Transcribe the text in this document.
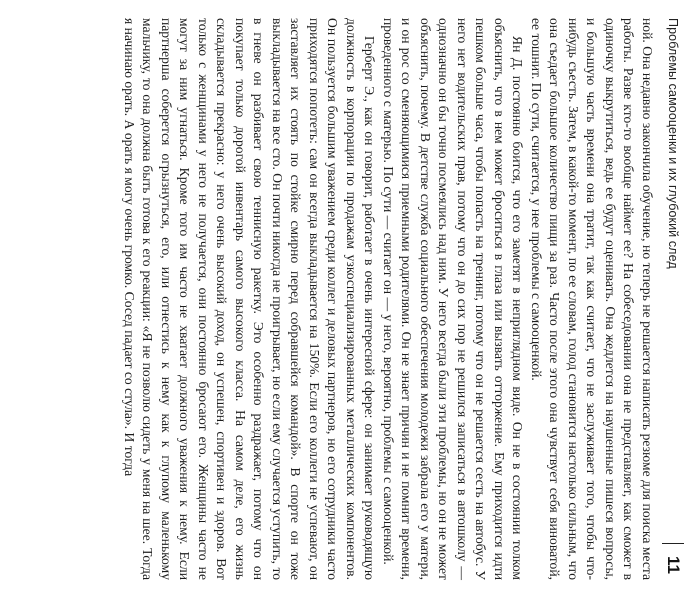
Проблемы самооценки и их глубокий след
11

ной. Она недавно закончила обучение, но теперь не решается написать резюме для поиска места работы. Разве кто-то вообще наймет ее? На собеседовании она не представляет, как сможет в одиночку выкрутиться, ведь ее будут оценивать. Она жедлется на наушенные пишеся вопросы, и большую часть времени она тратит, так как считает, что не заслуживает того, чтобы что-нибудь съесть. Затем, в какой-то момент, по ее словам, голод становится настолько сильным, что она съедает большое количество пищи за раз. Часто после этого она чувствует себя виноватой, ее тошнит. По сути, считается, у нее проблемы с самооценкой.

Ян Д. постоянно боится, что его заметят в неприглядном виде. Он не в состоянии толком объяснить, что в нем может броситься в глаза или вызвать отторжение. Ему приходится идти пешком больше часа, чтобы попасть на тренинг, потому что он не решается сесть на автобус. У него нет водительских прав, потому что он до сих пор не решился записаться в автошколу — однозначно он бы точно посмеялись над ним. У него всегда были эти проблемы, но он не может объяснить, почему. В детстве служба социального обеспечения молодежи забрала его у матери, и он рос со сменяющимися приемными родителями. Он не знает причин и не помнит времени, проведенного с матерью. По сути — считает он — у него, вероятно, проблемы с самооценкой.

Герберт Э., как он говорит, работает в очень интересной сфере: он занимает руководящую должность в корпорации по продажам узкоспециализированных металлических компонентов. Он пользуется большим уважением среди коллег и деловых партнеров, но его сотрудники часто приходятся попотеть: сам он всегда выкладывается на 150%. Если его коллеги не успевают, он заставляет их стоять по стойке смирно перед собравшейся командой». В спорте он тоже выкладывается на все сто. Он почти никогда не проигрывает, но если ему случается уступить, то в гневе он разбивает свою теннисную ракетку. Это особенно раздражает, потому что он покупает только дорогой инвентарь самого высокого класса. На самом деле, его жизнь складывается прекрасно: у него очень высокий доход, он успешен, спортивен и здоров. Вот только с женщинами у него не получается, они постоянно бросают его. Женщины часто не могут за ним угнаться. Кроме того им часто не хватает должного уважения к нему. Если партнерша соберется огрызнуться, его, или отнестись к нему как к глупому маленькому мальчику, то она должна быть готова к его реакции: «Я не позволю сидеть у меня на шее. Тогда я начинаю орать. А орать я могу очень громко. Сосед падает со стула». И тогда
